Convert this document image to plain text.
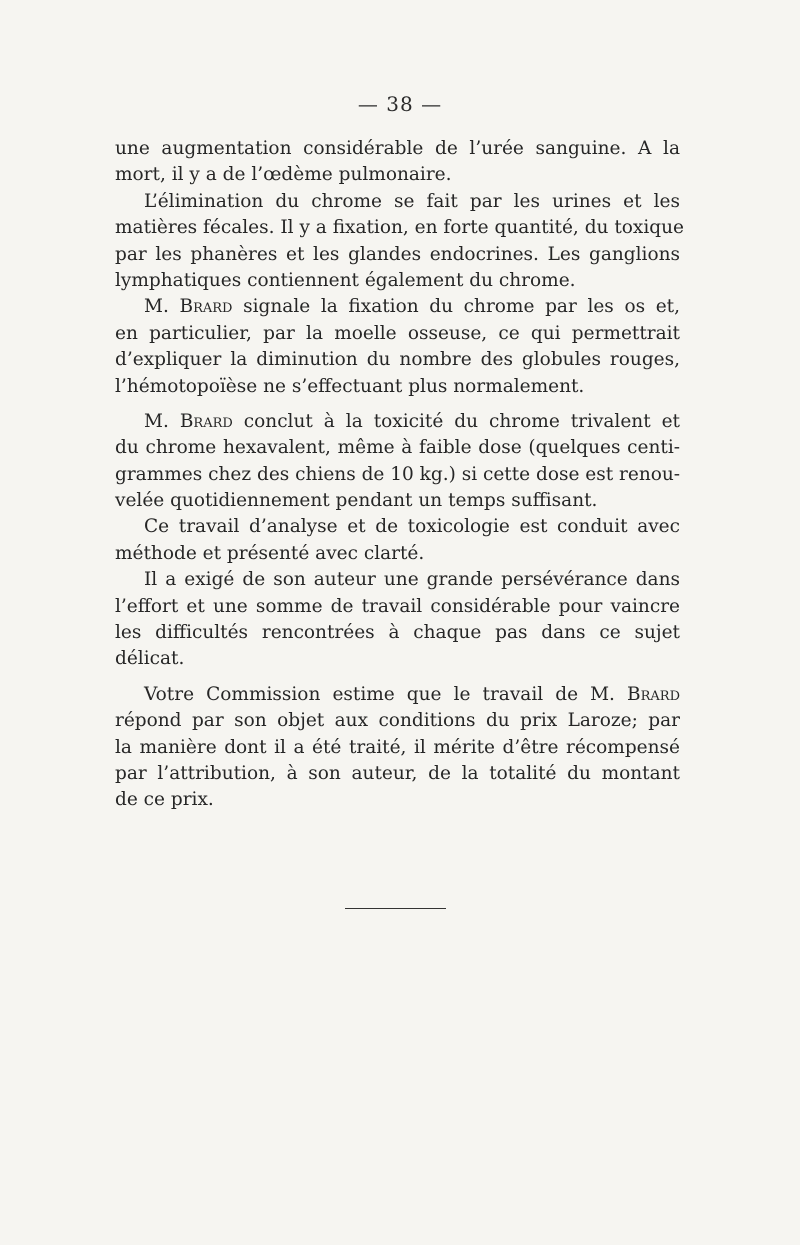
— 38 —
une augmentation considérable de l’urée sanguine. A la
mort, il y a de l’œdème pulmonaire.
L’élimination du chrome se fait par les urines et les
matières fécales. Il y a fixation, en forte quantité, du toxique
par les phanères et les glandes endocrines. Les ganglions
lymphatiques contiennent également du chrome.
M. Brard signale la fixation du chrome par les os et,
en particulier, par la moelle osseuse, ce qui permettrait
d’expliquer la diminution du nombre des globules rouges,
l’hémotopoïèse ne s’effectuant plus normalement.
M. Brard conclut à la toxicité du chrome trivalent et
du chrome hexavalent, même à faible dose (quelques centi-
grammes chez des chiens de 10 kg.) si cette dose est renou-
velée quotidiennement pendant un temps suffisant.
Ce travail d’analyse et de toxicologie est conduit avec
méthode et présenté avec clarté.
Il a exigé de son auteur une grande persévérance dans
l’effort et une somme de travail considérable pour vaincre
les difficultés rencontrées à chaque pas dans ce sujet
délicat.
Votre Commission estime que le travail de M. Brard
répond par son objet aux conditions du prix Laroze; par
la manière dont il a été traité, il mérite d’être récompensé
par l’attribution, à son auteur, de la totalité du montant
de ce prix.
